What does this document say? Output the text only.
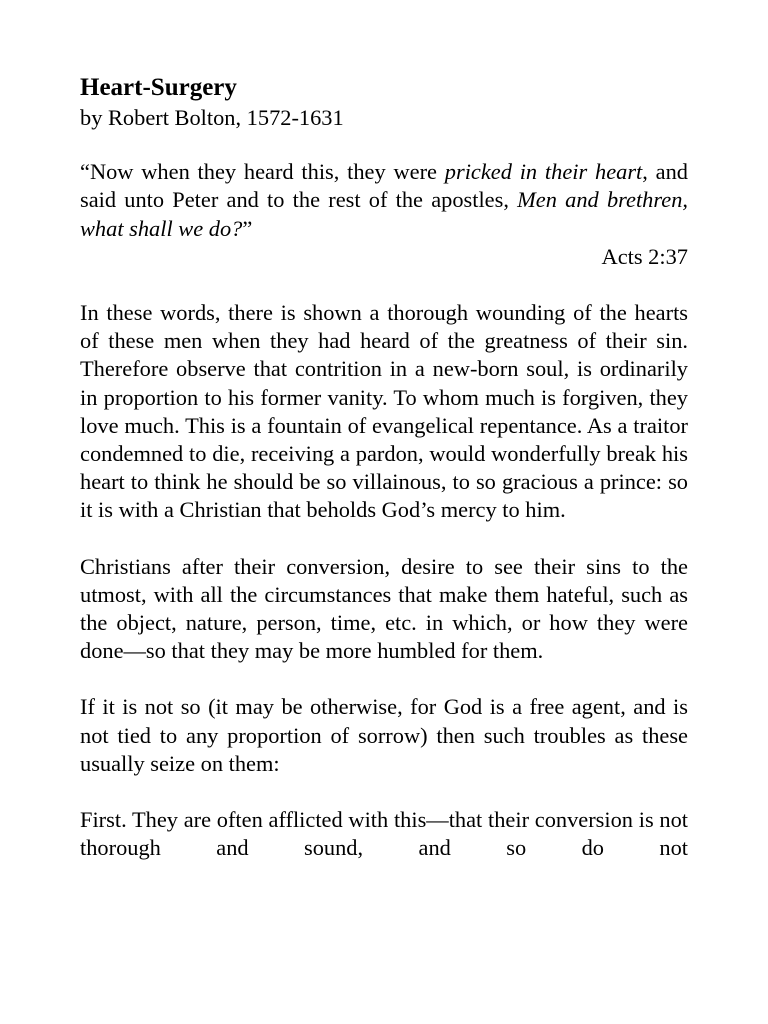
Heart-Surgery

by Robert Bolton, 1572-1631

“Now when they heard this, they were pricked in their heart, and said unto Peter and to the rest of the apostles, Men and brethren, what shall we do?”

Acts 2:37

In these words, there is shown a thorough wounding of the hearts of these men when they had heard of the greatness of their sin. Therefore observe that contrition in a new-born soul, is ordinarily in proportion to his former vanity. To whom much is forgiven, they love much. This is a fountain of evangelical repentance. As a traitor condemned to die, receiving a pardon, would wonderfully break his heart to think he should be so villainous, to so gracious a prince: so it is with a Christian that beholds God’s mercy to him.

Christians after their conversion, desire to see their sins to the utmost, with all the circumstances that make them hateful, such as the object, nature, person, time, etc. in which, or how they were done—so that they may be more humbled for them.

If it is not so (it may be otherwise, for God is a free agent, and is not tied to any proportion of sorrow) then such troubles as these usually seize on them:

First. They are often afflicted with this—that their conversion is not thorough and sound, and so do not
